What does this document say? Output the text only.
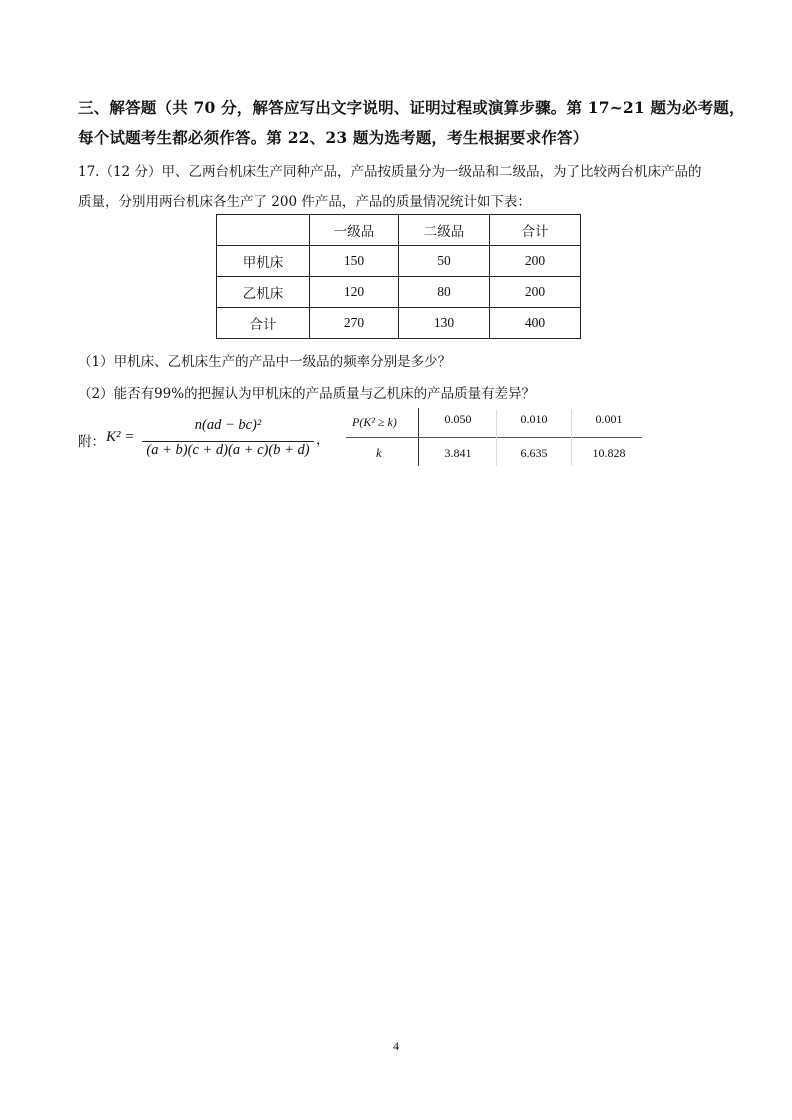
三、解答题（共 70 分，解答应写出文字说明、证明过程或演算步骤。第 17~21 题为必考题，
每个试题考生都必须作答。第 22、23 题为选考题，考生根据要求作答）
17.（12 分）甲、乙两台机床生产同种产品，产品按质量分为一级品和二级品，为了比较两台机床产品的
质量，分别用两台机床各生产了 200 件产品，产品的质量情况统计如下表：
	一级品	二级品	合计
甲机床	150	50	200
乙机床	120	80	200
合计	270	130	400
（1）甲机床、乙机床生产的产品中一级品的频率分别是多少？
（2）能否有99%的把握认为甲机床的产品质量与乙机床的产品质量有差异？
附： K² =
n(ad − bc)²
(a + b)(c + d)(a + c)(b + d)
，
P(K² ≥ k)	0.050	0.010	0.001
k	3.841	6.635	10.828
4
